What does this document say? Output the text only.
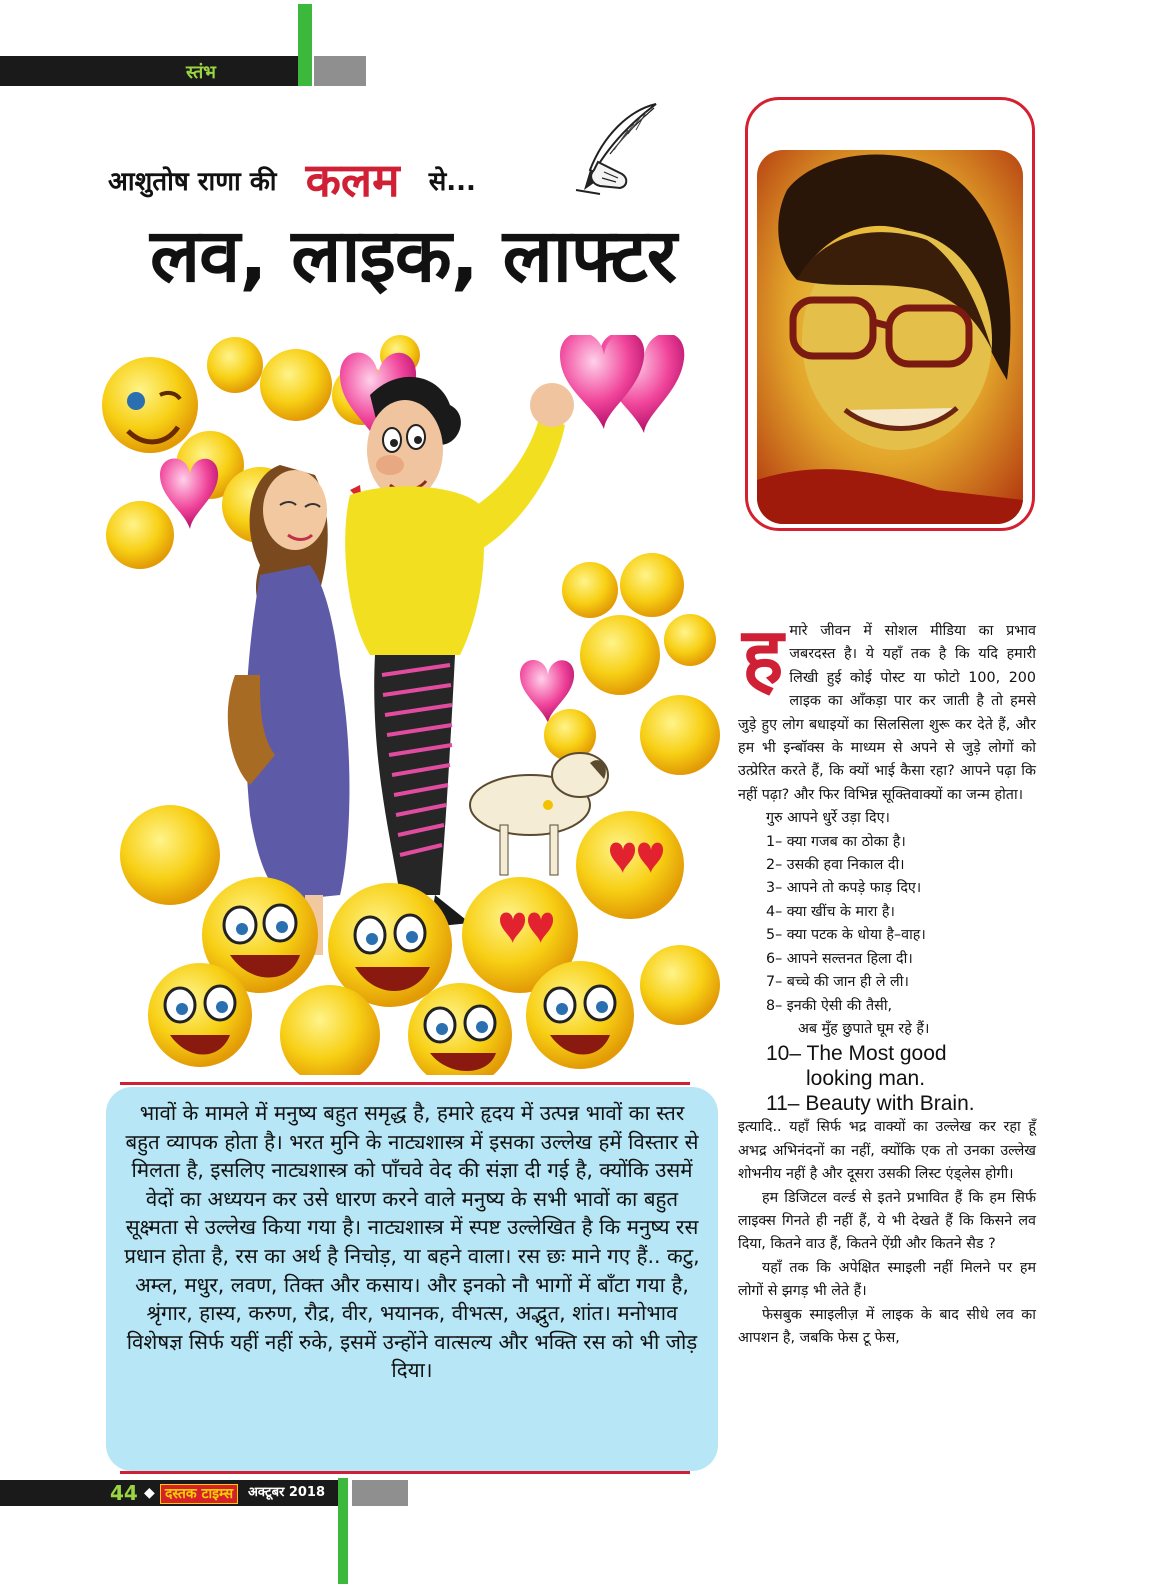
स्तंभ
आशुतोष राणा की कलम से...
लव, लाइक, लाफ्टर
हमारे जीवन में सोशल मीडिया का प्रभाव जबरदस्त है। ये यहाँ तक है कि यदि हमारी लिखी हुई कोई पोस्ट या फोटो 100, 200 लाइक का आँकड़ा पार कर जाती है तो हमसे जुड़े हुए लोग बधाइयों का सिलसिला शुरू कर देते हैं, और हम भी इन्बॉक्स के माध्यम से अपने से जुड़े लोगों को उत्प्रेरित करते हैं, कि क्यों भाई कैसा रहा? आपने पढ़ा कि नहीं पढ़ा? और फिर विभिन्न सूक्तिवाक्यों का जन्म होता।
गुरु आपने धुर्रे उड़ा दिए।
1– क्या गजब का ठोका है।
2– उसकी हवा निकाल दी।
3– आपने तो कपड़े फाड़ दिए।
4– क्या खींच के मारा है।
5– क्या पटक के धोया है–वाह।
6– आपने सल्तनत हिला दी।
7– बच्चे की जान ही ले ली।
8– इनकी ऐसी की तैसी,
अब मुँह छुपाते घूम रहे हैं।
10– The Most good
looking man.
11– Beauty with Brain.
इत्यादि.. यहाँ सिर्फ भद्र वाक्यों का उल्लेख कर रहा हूँ अभद्र अभिनंदनों का नहीं, क्योंकि एक तो उनका उल्लेख शोभनीय नहीं है और दूसरा उसकी लिस्ट एंड्लेस होगी।
हम डिजिटल वर्ल्ड से इतने प्रभावित हैं कि हम सिर्फ लाइक्स गिनते ही नहीं हैं, ये भी देखते हैं कि किसने लव दिया, कितने वाउ हैं, कितने ऐंग्री और कितने सैड ?
यहाँ तक कि अपेक्षित स्माइली नहीं मिलने पर हम लोगों से झगड़ भी लेते हैं।
फेसबुक स्माइलीज़ में लाइक के बाद सीधे लव का आपशन है, जबकि फेस टू फेस,
भावों के मामले में मनुष्य बहुत समृद्ध है, हमारे हृदय में उत्पन्न भावों का स्तर बहुत व्यापक होता है। भरत मुनि के नाट्यशास्त्र में इसका उल्लेख हमें विस्तार से मिलता है, इसलिए नाट्यशास्त्र को पाँचवे वेद की संज्ञा दी गई है, क्योंकि उसमें वेदों का अध्ययन कर उसे धारण करने वाले मनुष्य के सभी भावों का बहुत सूक्ष्मता से उल्लेख किया गया है। नाट्यशास्त्र में स्पष्ट उल्लेखित है कि मनुष्य रस प्रधान होता है, रस का अर्थ है निचोड़, या बहने वाला। रस छः माने गए हैं.. कटु, अम्ल, मधुर, लवण, तिक्त और कसाय। और इनको नौ भागों में बाँटा गया है, श्रृंगार, हास्य, करुण, रौद्र, वीर, भयानक, वीभत्स, अद्भुत, शांत। मनोभाव विशेषज्ञ सिर्फ यहीं नहीं रुके, इसमें उन्होंने वात्सल्य और भक्ति रस को भी जोड़ दिया।
44 ◆ दस्तक टाइम्स	अक्टूबर 2018
